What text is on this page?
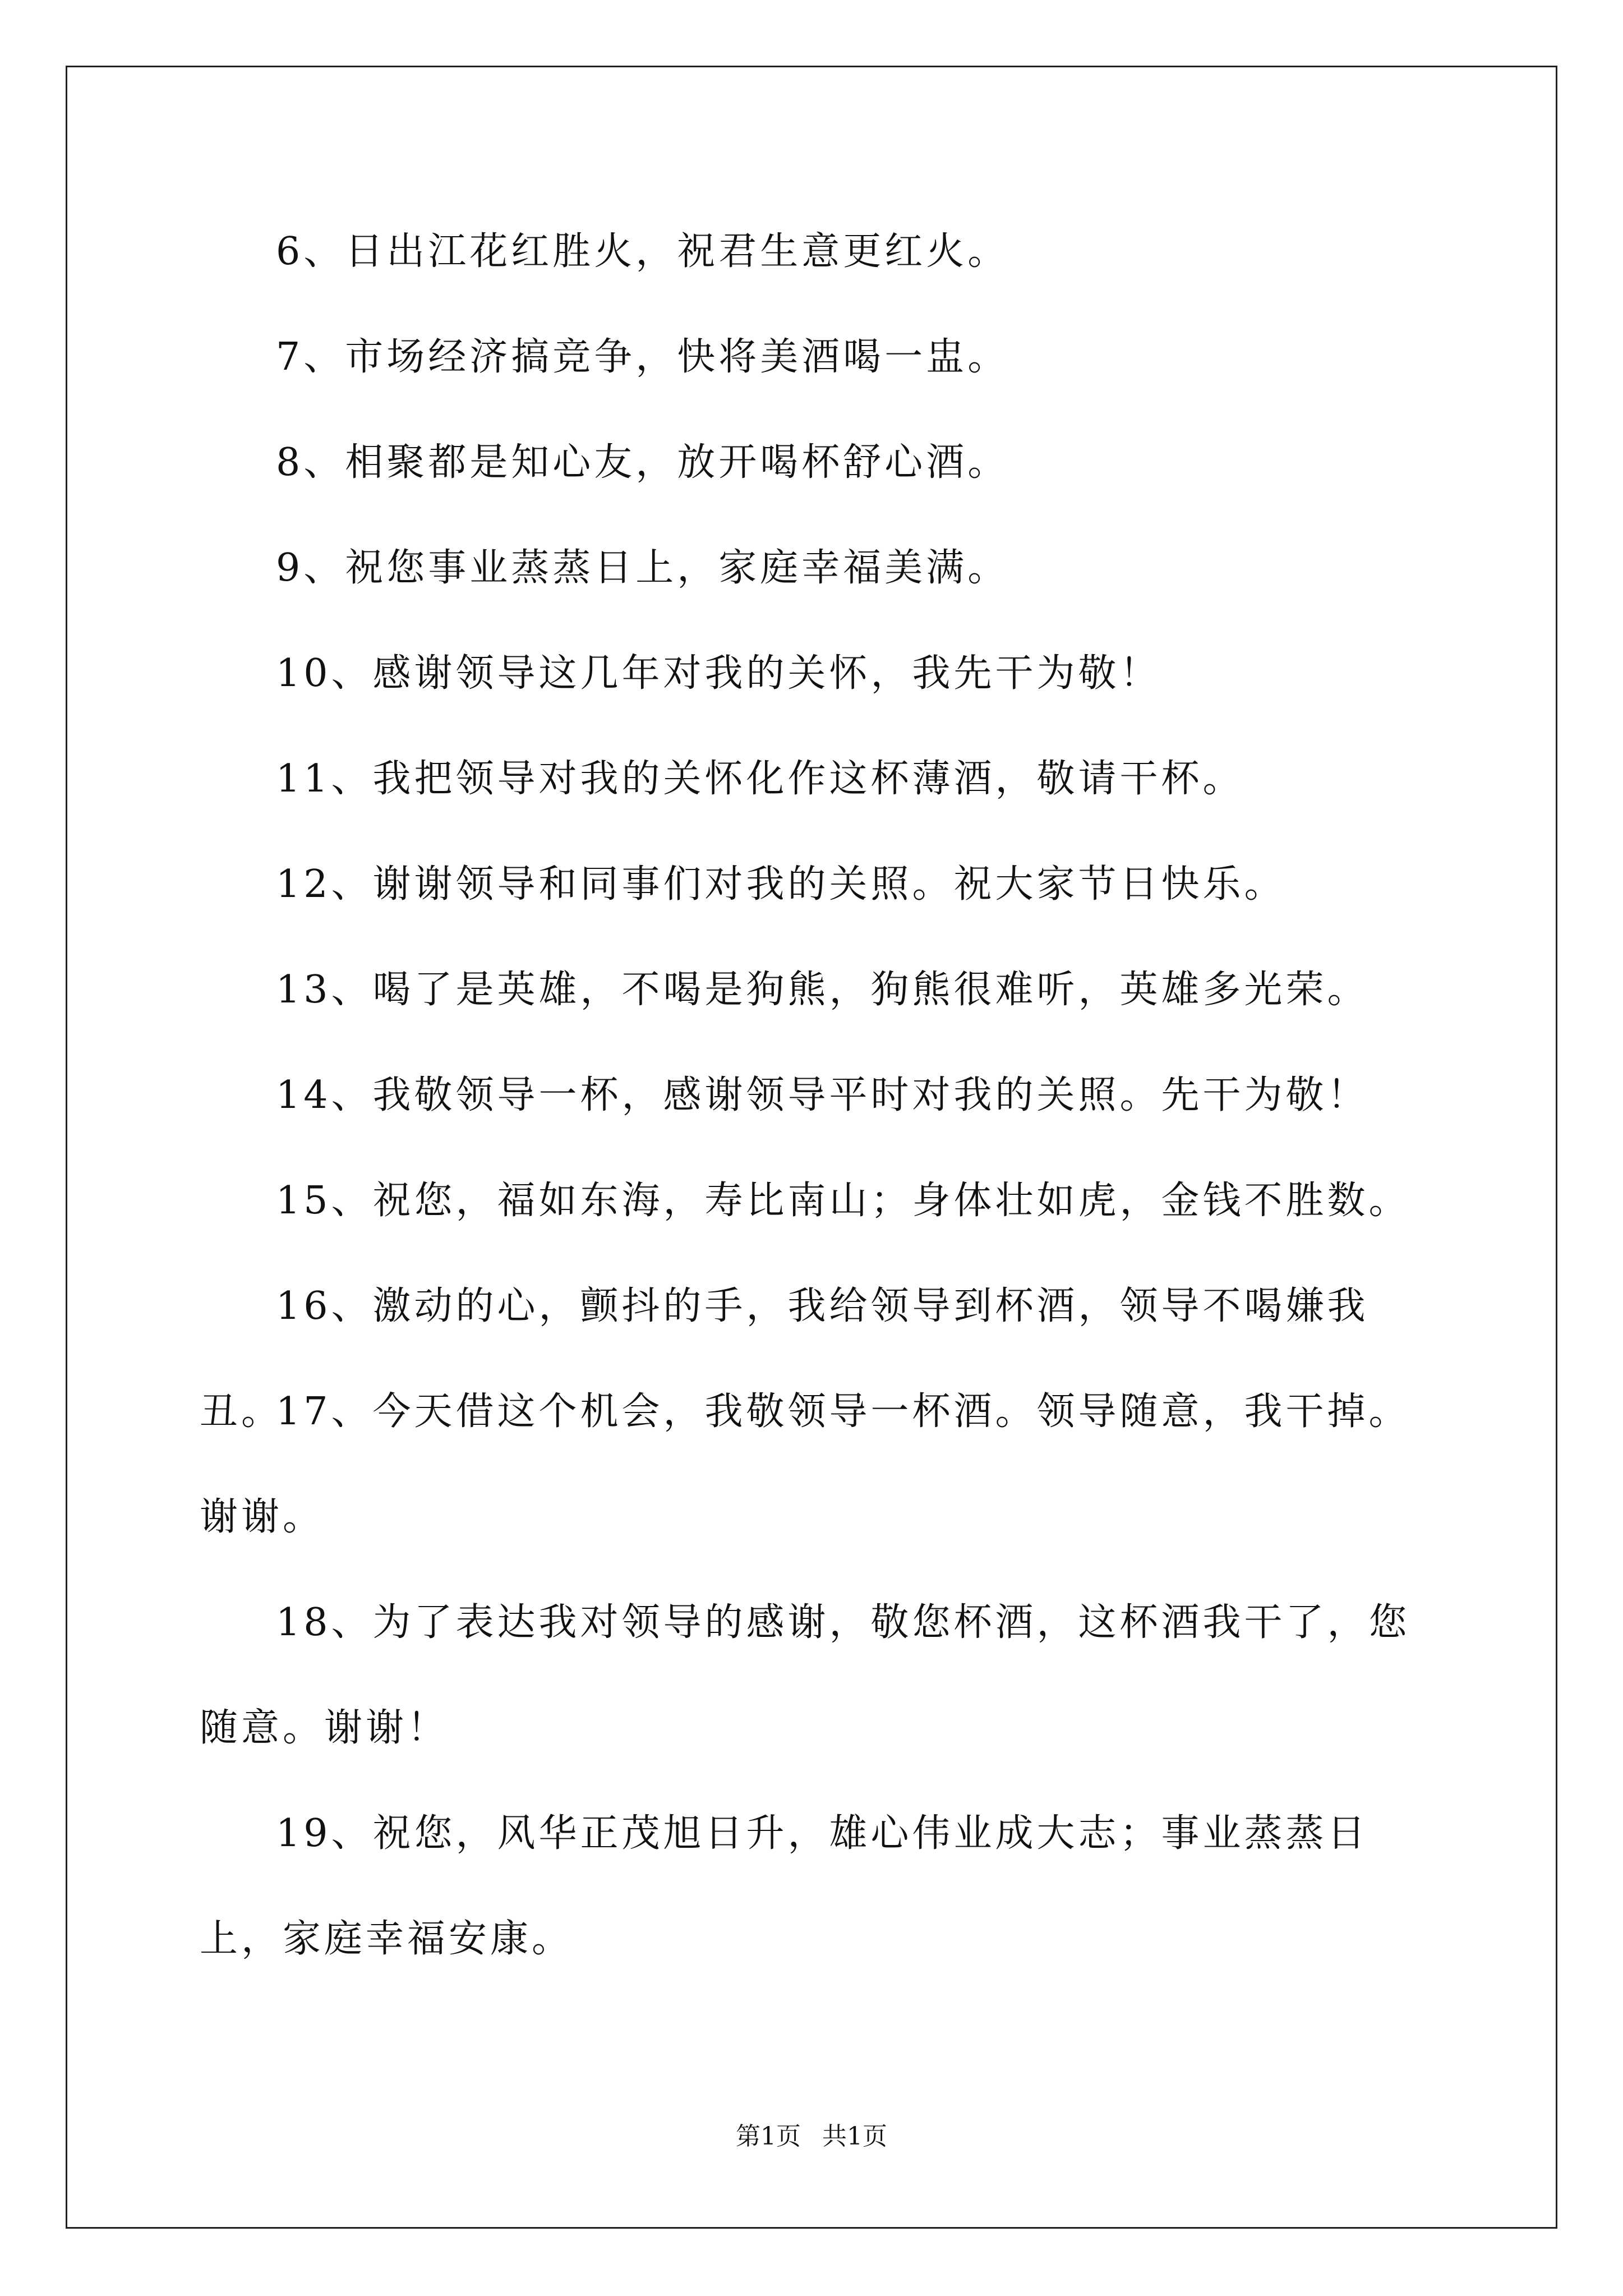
6、日出江花红胜火，祝君生意更红火。

7、市场经济搞竞争，快将美酒喝一盅。

8、相聚都是知心友，放开喝杯舒心酒。

9、祝您事业蒸蒸日上，家庭幸福美满。

10、感谢领导这几年对我的关怀，我先干为敬！

11、我把领导对我的关怀化作这杯薄酒，敬请干杯。

12、谢谢领导和同事们对我的关照。祝大家节日快乐。

13、喝了是英雄，不喝是狗熊，狗熊很难听，英雄多光荣。

14、我敬领导一杯，感谢领导平时对我的关照。先干为敬！

15、祝您，福如东海，寿比南山；身体壮如虎，金钱不胜数。

16、激动的心，颤抖的手，我给领导到杯酒，领导不喝嫌我丑。

17、今天借这个机会，我敬领导一杯酒。领导随意，我干掉。谢谢。

18、为了表达我对领导的感谢，敬您杯酒，这杯酒我干了，您随意。谢谢！

19、祝您，风华正茂旭日升，雄心伟业成大志；事业蒸蒸日上，家庭幸福安康。

第1页 共1页
